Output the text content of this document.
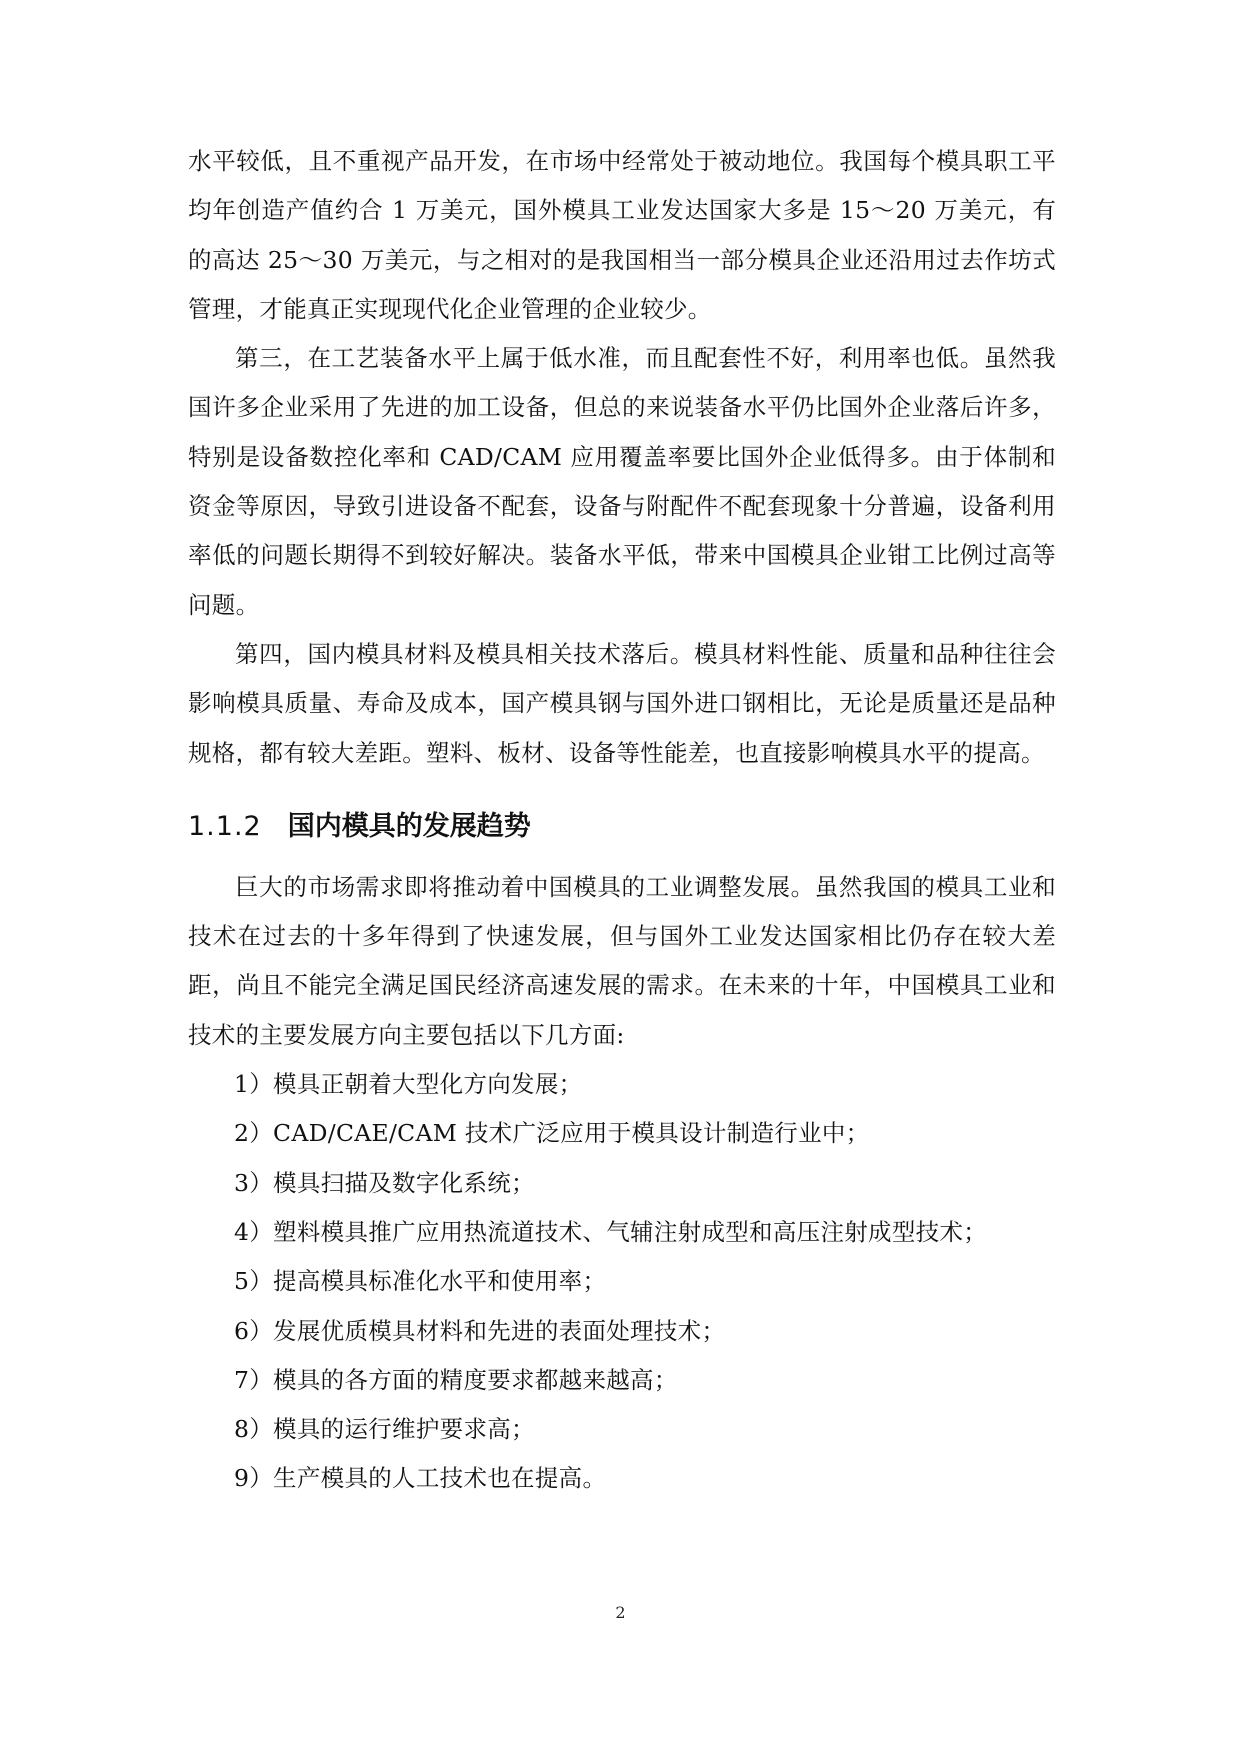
水平较低，且不重视产品开发，在市场中经常处于被动地位。我国每个模具职工平均年创造产值约合 1 万美元，国外模具工业发达国家大多是 15～20 万美元，有的高达 25～30 万美元，与之相对的是我国相当一部分模具企业还沿用过去作坊式管理，才能真正实现现代化企业管理的企业较少。

第三，在工艺装备水平上属于低水准，而且配套性不好，利用率也低。虽然我国许多企业采用了先进的加工设备，但总的来说装备水平仍比国外企业落后许多，特别是设备数控化率和 CAD/CAM 应用覆盖率要比国外企业低得多。由于体制和资金等原因，导致引进设备不配套，设备与附配件不配套现象十分普遍，设备利用率低的问题长期得不到较好解决。装备水平低，带来中国模具企业钳工比例过高等问题。

第四，国内模具材料及模具相关技术落后。模具材料性能、质量和品种往往会影响模具质量、寿命及成本，国产模具钢与国外进口钢相比，无论是质量还是品种规格，都有较大差距。塑料、板材、设备等性能差，也直接影响模具水平的提高。

1.1.2 国内模具的发展趋势

巨大的市场需求即将推动着中国模具的工业调整发展。虽然我国的模具工业和技术在过去的十多年得到了快速发展，但与国外工业发达国家相比仍存在较大差距，尚且不能完全满足国民经济高速发展的需求。在未来的十年，中国模具工业和技术的主要发展方向主要包括以下几方面:

1）模具正朝着大型化方向发展；
2）CAD/CAE/CAM 技术广泛应用于模具设计制造行业中；
3）模具扫描及数字化系统；
4）塑料模具推广应用热流道技术、气辅注射成型和高压注射成型技术；
5）提高模具标准化水平和使用率；
6）发展优质模具材料和先进的表面处理技术；
7）模具的各方面的精度要求都越来越高；
8）模具的运行维护要求高；
9）生产模具的人工技术也在提高。
2
